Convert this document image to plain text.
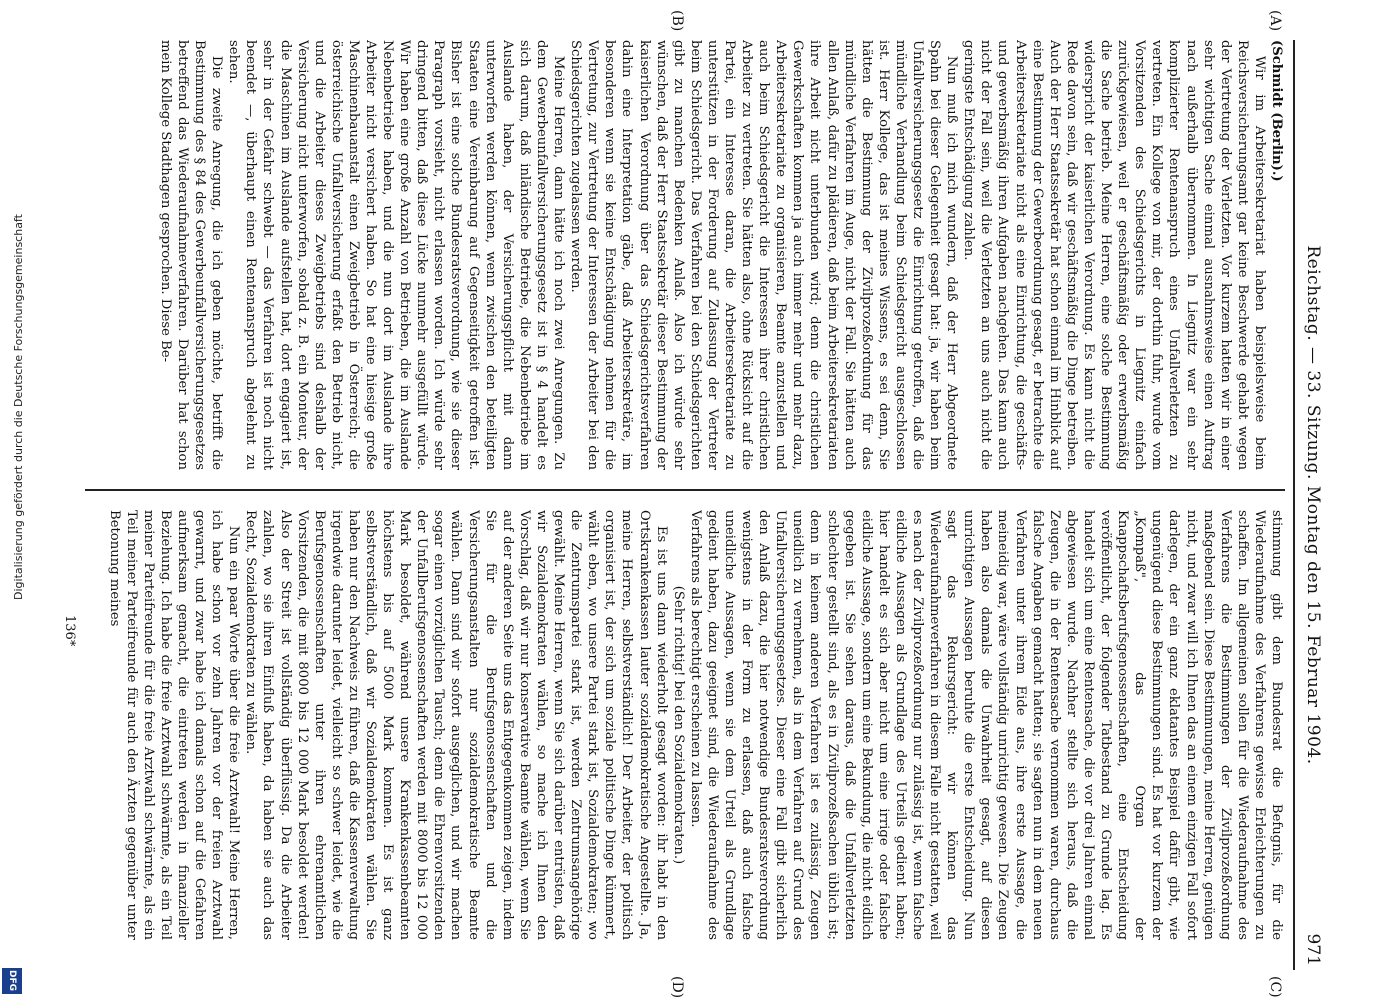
Digitalisierung gefördert durch die Deutsche Forschungsgemeinschaft
DFG
Reichstag. — 33. Sitzung. Montag den 15. Februar 1904.
971
(A)
(B)
(C)
(D)

(Schmidt (Berlin).)

Wir im Arbeitersekretariat haben beispielsweise beim Reichsversicherungsamt gar keine Beschwerde gehabt wegen der Vertretung der Verletzten. Vor kurzem hatten wir in einer sehr wichtigen Sache einmal ausnahmsweise einen Auftrag nach außerhalb übernommen. In Liegnitz war ein sehr komplizierter Rentenanspruch eines Unfallverletzten zu vertreten. Ein Kollege von mir, der dorthin fuhr, wurde vom Vorsitzenden des Schiedsgerichts in Liegnitz einfach zurückgewiesen, weil er geschäftsmäßig oder erwerbsmäßig die Sache betrieb. Meine Herren, eine solche Bestimmung widerspricht der kaiserlichen Verordnung. Es kann nicht die Rede davon sein, daß wir geschäftsmäßig die Dinge betreiben. Auch der Herr Staatssekretär hat schon einmal im Hinblick auf eine Bestimmung der Gewerbeordnung gesagt, er betrachte die Arbeitersekretariate nicht als eine Einrichtung, die geschäfts- und gewerbsmäßig ihren Aufgaben nachgehen. Das kann auch nicht der Fall sein, weil die Verletzten an uns auch nicht die geringste Entschädigung zahlen.

Nun muß ich mich wundern, daß der Herr Abgeordnete Spahn bei dieser Gelegenheit gesagt hat: ja, wir haben beim Unfallversicherungsgesetz die Einrichtung getroffen, daß die mündliche Verhandlung beim Schiedsgericht ausgeschlossen ist. Herr Kollege, das ist meines Wissens, es sei denn, Sie hätten die Bestimmung der Zivilprozeßordnung für das mündliche Verfahren im Auge, nicht der Fall. Sie hätten auch allen Anlaß, dafür zu plädieren, daß beim Arbeitersekretariaten ihre Arbeit nicht unterbunden wird; denn die christlichen Gewerkschaften kommen ja auch immer mehr und mehr dazu, Arbeitersekretariate zu organisieren, Beamte anzustellen und auch beim Schiedsgericht die Interessen ihrer christlichen Arbeiter zu vertreten. Sie hätten also, ohne Rücksicht auf die Partei, ein Interesse daran, die Arbeitersekretariate zu unterstützen in der Forderung auf Zulassung der Vertreter beim Schiedsgericht. Das Verfahren bei den Schiedsgerichten gibt zu manchen Bedenken Anlaß. Also ich würde sehr wünschen, daß der Herr Staatssekretär dieser Bestimmung der kaiserlichen Verordnung über das Schiedsgerichtsverfahren dahin eine Interpretation gäbe, daß Arbeitersekretäre, im besonderen wenn sie keine Entschädigung nehmen für die Vertretung, zur Vertretung der Interessen der Arbeiter bei den Schiedsgerichten zugelassen werden.

Meine Herren, dann hätte ich noch zwei Anregungen. Zu dem Gewerbeunfallversicherungsgesetz ist in § 4 handelt es sich darum, daß inländische Betriebe, die Nebenbetriebe im Auslande haben, der Versicherungspflicht mit dann unterworfen werden können, wenn zwischen den beteiligten Staaten eine Vereinbarung auf Gegenseitigkeit getroffen ist. Bisher ist eine solche Bundesratsverordnung, wie sie dieser Paragraph vorsieht, nicht erlassen worden. Ich würde sehr dringend bitten, daß diese Lücke nunmehr ausgefüllt würde. Wir haben eine große Anzahl von Betrieben, die im Auslande Nebenbetriebe haben, und die nun dort im Auslande ihre Arbeiter nicht versichert haben. So hat eine hiesige große Maschinenbauanstalt einen Zweigbetrieb in Österreich; die österreichische Unfallversicherung erfaßt den Betrieb nicht, und die Arbeiter dieses Zweigbetriebs sind deshalb der Versicherung nicht unterworfen, sobald z. B. ein Monteur, der die Maschinen im Auslande aufstellen hat, dort engagiert ist, sehr in der Gefahr schwebt — das Verfahren ist noch nicht beendet —, überhaupt einen Rentenanspruch abgelehnt zu sehen.

Die zweite Anregung, die ich geben möchte, betrifft die Bestimmung des § 84 des Gewerbeunfallversicherungsgesetzes betreffend das Wiederaufnahmeverfahren. Darüber hat schon mein Kollege Stadthagen gesprochen. Diese Be-

stimmung gibt dem Bundesrat die Befugnis, für die Wiederaufnahme des Verfahrens gewisse Erleichterungen zu schaffen. Im allgemeinen sollen für die Wiederaufnahme des Verfahrens die Bestimmungen der Zivilprozeßordnung maßgebend sein. Diese Bestimmungen, meine Herren, genügen nicht, und zwar will ich Ihnen das an einem einzigen Fall sofort darlegen, der ein ganz eklatantes Beispiel dafür gibt, wie ungenügend diese Bestimmungen sind. Es hat vor kurzem der „Kompaß", das Organ der Knappschaftsberufsgenossenschaften, eine Entscheidung veröffentlicht, der folgender Tatbestand zu Grunde lag. Es handelt sich um eine Rentensache, die vor drei Jahren einmal abgewiesen wurde. Nachher stellte sich heraus, daß die Zeugen, die in der Rentensache vernommen waren, durchaus falsche Angaben gemacht hatten; sie sagten nun in dem neuen Verfahren unter ihrem Eide aus, ihre erste Aussage, die meineidig war, wäre vollständig unrichtig gewesen. Die Zeugen haben also damals die Unwahrheit gesagt, auf diesen unrichtigen Aussagen beruhte die erste Entscheidung. Nun sagt das Rekursgericht: wir können das Wiederaufnahmeverfahren in diesem Falle nicht gestatten, weil es nach der Zivilprozeßordnung nur zulässig ist, wenn falsche eidliche Aussagen als Grundlage des Urteils gedient haben; hier handelt es sich aber nicht um eine irrige oder falsche eidliche Aussage, sondern um eine Bekundung, die nicht eidlich gegeben ist. Sie sehen daraus, daß die Unfallverletzten schlechter gestellt sind, als es in Zivilprozeßsachen üblich ist; denn in keinem anderen Verfahren ist es zulässig, Zeugen uneidlich zu vernehmen, als in dem Verfahren auf Grund des Unfallversicherungsgesetzes. Dieser eine Fall gibt sicherlich den Anlaß dazu, die hier notwendige Bundesratsverordnung wenigstens in der Form zu erlassen, daß auch falsche uneidliche Aussagen, wenn sie dem Urteil als Grundlage gedient haben, dazu geeignet sind, die Wiederaufnahme des Verfahrens als berechtigt erscheinen zu lassen.

(Sehr richtig! bei den Sozialdemokraten.)

Es ist uns dann wiederholt gesagt worden: ihr habt in den Ortskrankenkassen lauter sozialdemokratische Angestellte. Ja, meine Herren, selbstverständlich! Der Arbeiter, der politisch organisiert ist, der sich um soziale politische Dinge kümmert, wählt eben, wo unsere Partei stark ist, Sozialdemokraten; wo die Zentrumspartei stark ist, werden Zentrumsangehörige gewählt. Meine Herren, wenn Sie sich darüber entrüsten, daß wir Sozialdemokraten wählen, so mache ich Ihnen den Vorschlag, daß wir nur konservative Beamte wählen, wenn Sie auf der anderen Seite uns das Entgegenkommen zeigen, indem Sie für die Berufsgenossenschaften und die Versicherungsanstalten nur sozialdemokratische Beamte wählen. Dann sind wir sofort ausgeglichen, und wir machen sogar einen vorzüglichen Tausch; denn die Ehrenvorsitzenden der Unfallberufsgenossenschaften werden mit 8000 bis 12 000 Mark besoldet, während unsere Krankenkassenbeamten höchstens bis auf 5000 Mark kommen. Es ist ganz selbstverständlich, daß wir Sozialdemokraten wählen. Sie haben nur den Nachweis zu führen, daß die Kassenverwaltung irgendwie darunter leidet, vielleicht so schwer leidet, wie die Berufsgenossenschaften unter ihren ehrenamtlichen Vorsitzenden, die mit 8000 bis 12 000 Mark besoldet werden! Also der Streit ist vollständig überflüssig. Da die Arbeiter zahlen, wo sie ihren Einfluß haben, da haben sie auch das Recht, Sozialdemokraten zu wählen.

Nun ein paar Worte über die freie Arztwahl! Meine Herren, ich habe schon vor zehn Jahren vor der freien Arztwahl gewarnt, und zwar habe ich damals schon auf die Gefahren aufmerksam gemacht, die eintreten werden in finanzieller Beziehung. Ich habe die freie Arztwahl schwärmte, als ein Teil meiner Parteifreunde für die freie Arztwahl schwärmte, als ein Teil meiner Parteifreunde für auch den Ärzten gegenüber unter Betonung meines

136*
